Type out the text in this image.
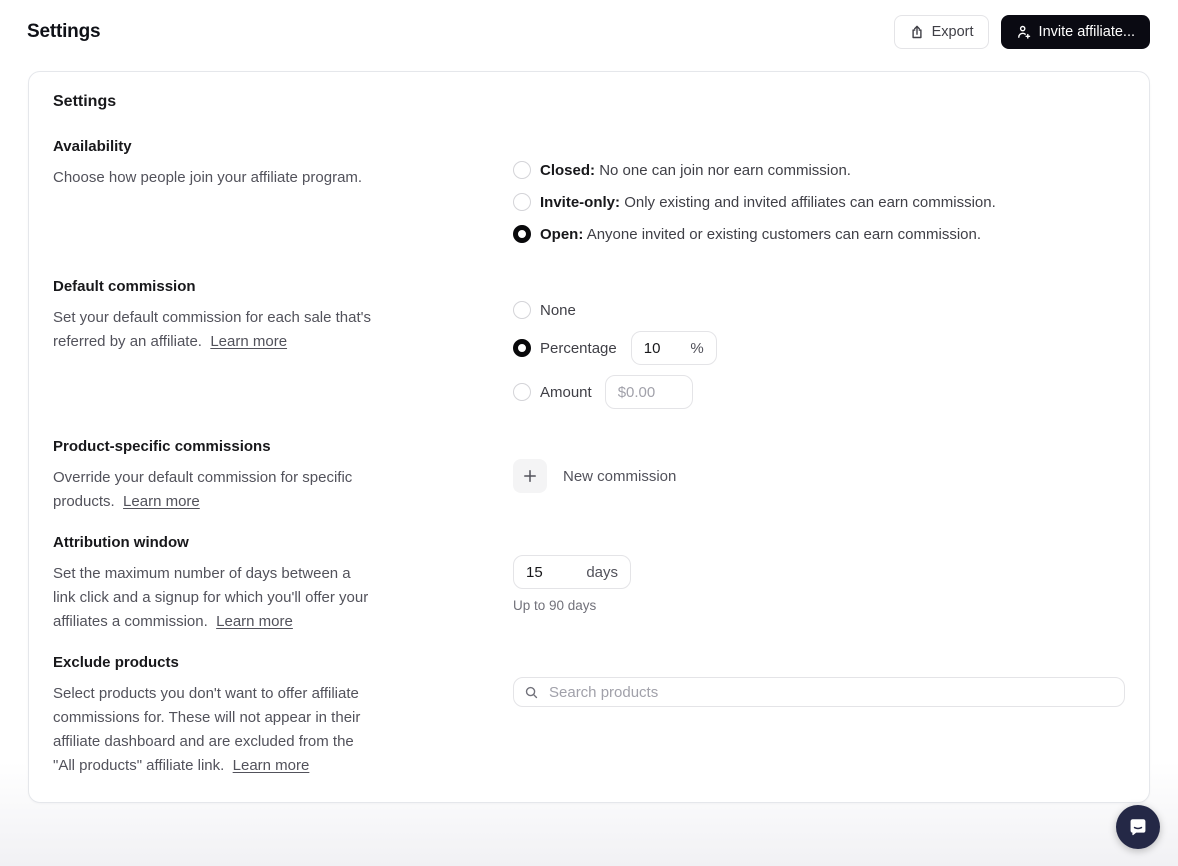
Settings	Export	Invite affiliate...
Settings
Availability

Choose how people join your affiliate program.	Closed: No one can join nor earn commission.
Invite-only: Only existing and invited affiliates can earn commission.
Open: Anyone invited or existing customers can earn commission.
Default commission

Set your default commission for each sale that's referred by an affiliate. Learn more

None
Percentage
10	%
Amount
$0.00
Product-specific commissions

Override your default commission for specific products. Learn more

New commission
Attribution window

Set the maximum number of days between a link click and a signup for which you'll offer your affiliates a commission. Learn more

15
days
Up to 90 days
Exclude products

Select products you don't want to offer affiliate commissions for. These will not appear in their affiliate dashboard and are excluded from the "All products" affiliate link. Learn more

Search products
